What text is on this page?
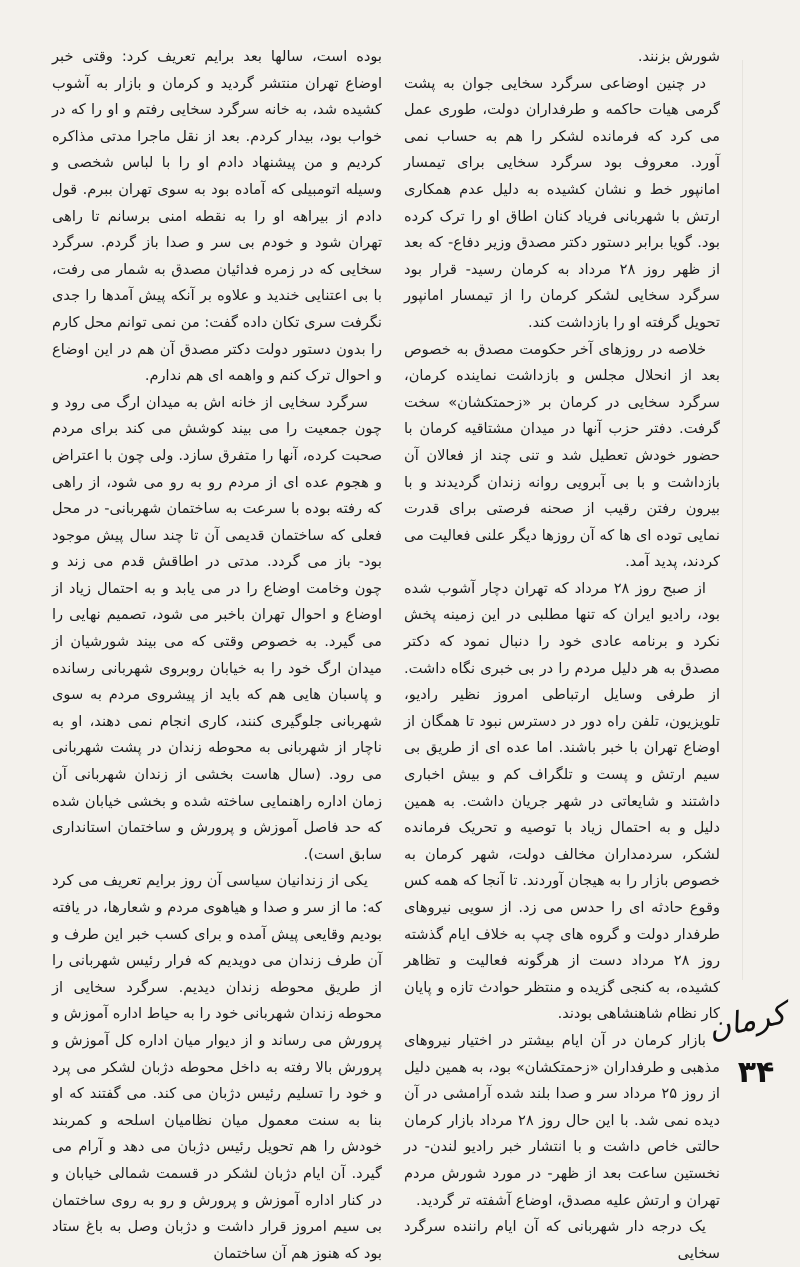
شورش بزنند.

در چنین اوضاعی سرگرد سخایی جوان به پشت گرمی هیات حاکمه و طرفداران دولت، طوری عمل می کرد که فرمانده لشکر را هم به حساب نمی آورد. معروف بود سرگرد سخایی برای تیمسار امانپور خط و نشان کشیده به دلیل عدم همکاری ارتش با شهربانی فریاد کنان اطاق او را ترک کرده بود. گویا برابر دستور دکتر مصدق وزیر دفاع- که بعد از ظهر روز ۲۸ مرداد به کرمان رسید- قرار بود سرگرد سخایی لشکر کرمان را از تیمسار امانپور تحویل گرفته او را بازداشت کند.

خلاصه در روزهای آخر حکومت مصدق به خصوص بعد از انحلال مجلس و بازداشت نماینده کرمان، سرگرد سخایی در کرمان بر «زحمتکشان» سخت گرفت. دفتر حزب آنها در میدان مشتاقیه کرمان با حضور خودش تعطیل شد و تنی چند از فعالان آن بازداشت و با بی آبرویی روانه زندان گردیدند و با بیرون رفتن رقیب از صحنه فرصتی برای قدرت نمایی توده ای ها که آن روزها دیگر علنی فعالیت می کردند، پدید آمد.

از صبح روز ۲۸ مرداد که تهران دچار آشوب شده بود، رادیو ایران که تنها مطلبی در این زمینه پخش نکرد و برنامه عادی خود را دنبال نمود که دکتر مصدق به هر دلیل مردم را در بی خبری نگاه داشت. از طرفی وسایل ارتباطی امروز نظیر رادیو، تلویزیون، تلفن راه دور در دسترس نبود تا همگان از اوضاع تهران با خبر باشند. اما عده ای از طریق بی سیم ارتش و پست و تلگراف کم و بیش اخباری داشتند و شایعاتی در شهر جریان داشت. به همین دلیل و به احتمال زیاد با توصیه و تحریک فرمانده لشکر، سردمداران مخالف دولت، شهر کرمان به خصوص بازار را به هیجان آوردند. تا آنجا که همه کس وقوع حادثه ای را حدس می زد. از سویی نیروهای طرفدار دولت و گروه های چپ به خلاف ایام گذشته روز ۲۸ مرداد دست از هرگونه فعالیت و تظاهر کشیده، به کنجی گزیده و منتظر حوادث تازه و پایان کار نظام شاهنشاهی بودند.

بازار کرمان در آن ایام بیشتر در اختیار نیروهای مذهبی و طرفداران «زحمتکشان» بود، به همین دلیل از روز ۲۵ مرداد سر و صدا بلند شده آرامشی در آن دیده نمی شد. با این حال روز ۲۸ مرداد بازار کرمان حالتی خاص داشت و با انتشار خبر رادیو لندن- در نخستین ساعت بعد از ظهر- در مورد شورش مردم تهران و ارتش علیه مصدق، اوضاع آشفته تر گردید.

یک درجه دار شهربانی که آن ایام راننده سرگرد سخایی

بوده است، سالها بعد برایم تعریف کرد: وقتی خبر اوضاع تهران منتشر گردید و کرمان و بازار به آشوب کشیده شد، به خانه سرگرد سخایی رفتم و او را که در خواب بود، بیدار کردم. بعد از نقل ماجرا مدتی مذاکره کردیم و من پیشنهاد دادم او را با لباس شخصی و وسیله اتومبیلی که آماده بود به سوی تهران ببرم. قول دادم از بیراهه او را به نقطه امنی برسانم تا راهی تهران شود و خودم بی سر و صدا باز گردم. سرگرد سخایی که در زمره فدائیان مصدق به شمار می رفت، با بی اعتنایی خندید و علاوه بر آنکه پیش آمدها را جدی نگرفت سری تکان داده گفت: من نمی توانم محل کارم را بدون دستور دولت دکتر مصدق آن هم در این اوضاع و احوال ترک کنم و واهمه ای هم ندارم.

سرگرد سخایی از خانه اش به میدان ارگ می رود و چون جمعیت را می بیند کوشش می کند برای مردم صحبت کرده، آنها را متفرق سازد. ولی چون با اعتراض و هجوم عده ای از مردم رو به رو می شود، از راهی که رفته بوده با سرعت به ساختمان شهربانی- در محل فعلی که ساختمان قدیمی آن تا چند سال پیش موجود بود- باز می گردد. مدتی در اطاقش قدم می زند و چون وخامت اوضاع را در می یابد و به احتمال زیاد از اوضاع و احوال تهران باخبر می شود، تصمیم نهایی را می گیرد. به خصوص وقتی که می بیند شورشیان از میدان ارگ خود را به خیابان روبروی شهربانی رسانده و پاسبان هایی هم که باید از پیشروی مردم به سوی شهربانی جلوگیری کنند، کاری انجام نمی دهند، او به ناچار از شهربانی به محوطه زندان در پشت شهربانی می رود. (سال هاست بخشی از زندان شهربانی آن زمان اداره راهنمایی ساخته شده و بخشی خیابان شده که حد فاصل آموزش و پرورش و ساختمان استانداری سابق است).

یکی از زندانیان سیاسی آن روز برایم تعریف می کرد که: ما از سر و صدا و هیاهوی مردم و شعارها، در یافته بودیم وقایعی پیش آمده و برای کسب خبر این طرف و آن طرف زندان می دویدیم که فرار رئیس شهربانی را از طریق محوطه زندان دیدیم. سرگرد سخایی از محوطه زندان شهربانی خود را به حیاط اداره آموزش و پرورش می رساند و از دیوار میان اداره کل آموزش و پرورش بالا رفته به داخل محوطه دژبان لشکر می پرد و خود را تسلیم رئیس دژبان می کند. می گفتند که او بنا به سنت معمول میان نظامیان اسلحه و کمربند خودش را هم تحویل رئیس دژبان می دهد و آرام می گیرد. آن ایام دژبان لشکر در قسمت شمالی خیابان و در کنار اداره آموزش و پرورش و رو به روی ساختمان بی سیم امروز قرار داشت و دژبان وصل به باغ ستاد بود که هنوز هم آن ساختمان

کرمان
۳۴
